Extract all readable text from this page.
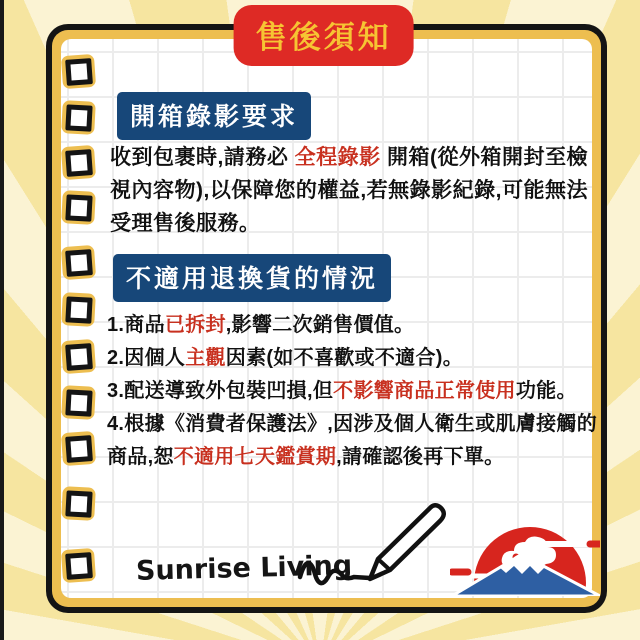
售後須知
開箱錄影要求

收到包裹時,請務必 全程錄影 開箱(從外箱開封至檢視內容物),以保障您的權益,若無錄影紀錄,可能無法受理售後服務。

不適用退換貨的情況
1.商品已拆封,影響二次銷售價值。
2.因個人主觀因素(如不喜歡或不適合)。
3.配送導致外包裝凹損,但不影響商品正常使用功能。
4.根據《消費者保護法》,因涉及個人衛生或肌膚接觸的商品,恕不適用七天鑑賞期,請確認後再下單。
Sunrise Living
